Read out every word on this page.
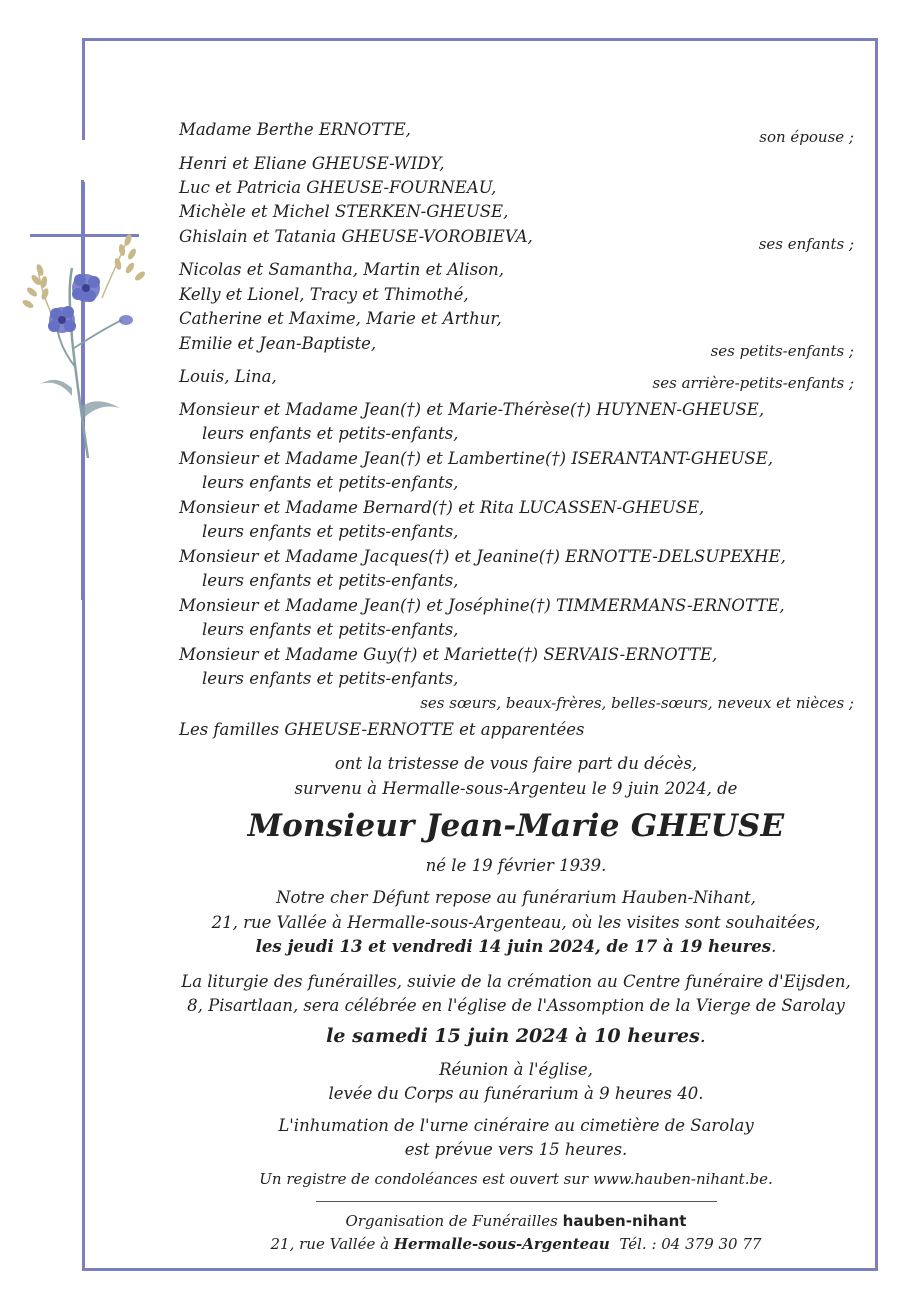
Madame Berthe ERNOTTE,	son épouse ;
Henri et Eliane GHEUSE-WIDY,
Luc et Patricia GHEUSE-FOURNEAU,
Michèle et Michel STERKEN-GHEUSE,
Ghislain et Tatania GHEUSE-VOROBIEVA,	ses enfants ;
Nicolas et Samantha, Martin et Alison,
Kelly et Lionel, Tracy et Thimothé,
Catherine et Maxime, Marie et Arthur,
Emilie et Jean-Baptiste,	ses petits-enfants ;
Louis, Lina,	ses arrière-petits-enfants ;
Monsieur et Madame Jean(†) et Marie-Thérèse(†) HUYNEN-GHEUSE,
leurs enfants et petits-enfants,
Monsieur et Madame Jean(†) et Lambertine(†) ISERANTANT-GHEUSE,
leurs enfants et petits-enfants,
Monsieur et Madame Bernard(†) et Rita LUCASSEN-GHEUSE,
leurs enfants et petits-enfants,
Monsieur et Madame Jacques(†) et Jeanine(†) ERNOTTE-DELSUPEXHE,
leurs enfants et petits-enfants,
Monsieur et Madame Jean(†) et Joséphine(†) TIMMERMANS-ERNOTTE,
leurs enfants et petits-enfants,
Monsieur et Madame Guy(†) et Mariette(†) SERVAIS-ERNOTTE,
leurs enfants et petits-enfants,
ses sœurs, beaux-frères, belles-sœurs, neveux et nièces ;
Les familles GHEUSE-ERNOTTE et apparentées
ont la tristesse de vous faire part du décès,
survenu à Hermalle-sous-Argenteu le 9 juin 2024, de
Monsieur Jean-Marie GHEUSE
né le 19 février 1939.
Notre cher Défunt repose au funérarium Hauben-Nihant,
21, rue Vallée à Hermalle-sous-Argenteau, où les visites sont souhaitées,
les jeudi 13 et vendredi 14 juin 2024, de 17 à 19 heures.
La liturgie des funérailles, suivie de la crémation au Centre funéraire d'Eijsden,
8, Pisartlaan, sera célébrée en l'église de l'Assomption de la Vierge de Sarolay
le samedi 15 juin 2024 à 10 heures.
Réunion à l'église,
levée du Corps au funérarium à 9 heures 40.
L'inhumation de l'urne cinéraire au cimetière de Sarolay
est prévue vers 15 heures.
Un registre de condoléances est ouvert sur www.hauben-nihant.be.
Organisation de Funérailles hauben-nihant
21, rue Vallée à Hermalle-sous-Argenteau Tél. : 04 379 30 77
